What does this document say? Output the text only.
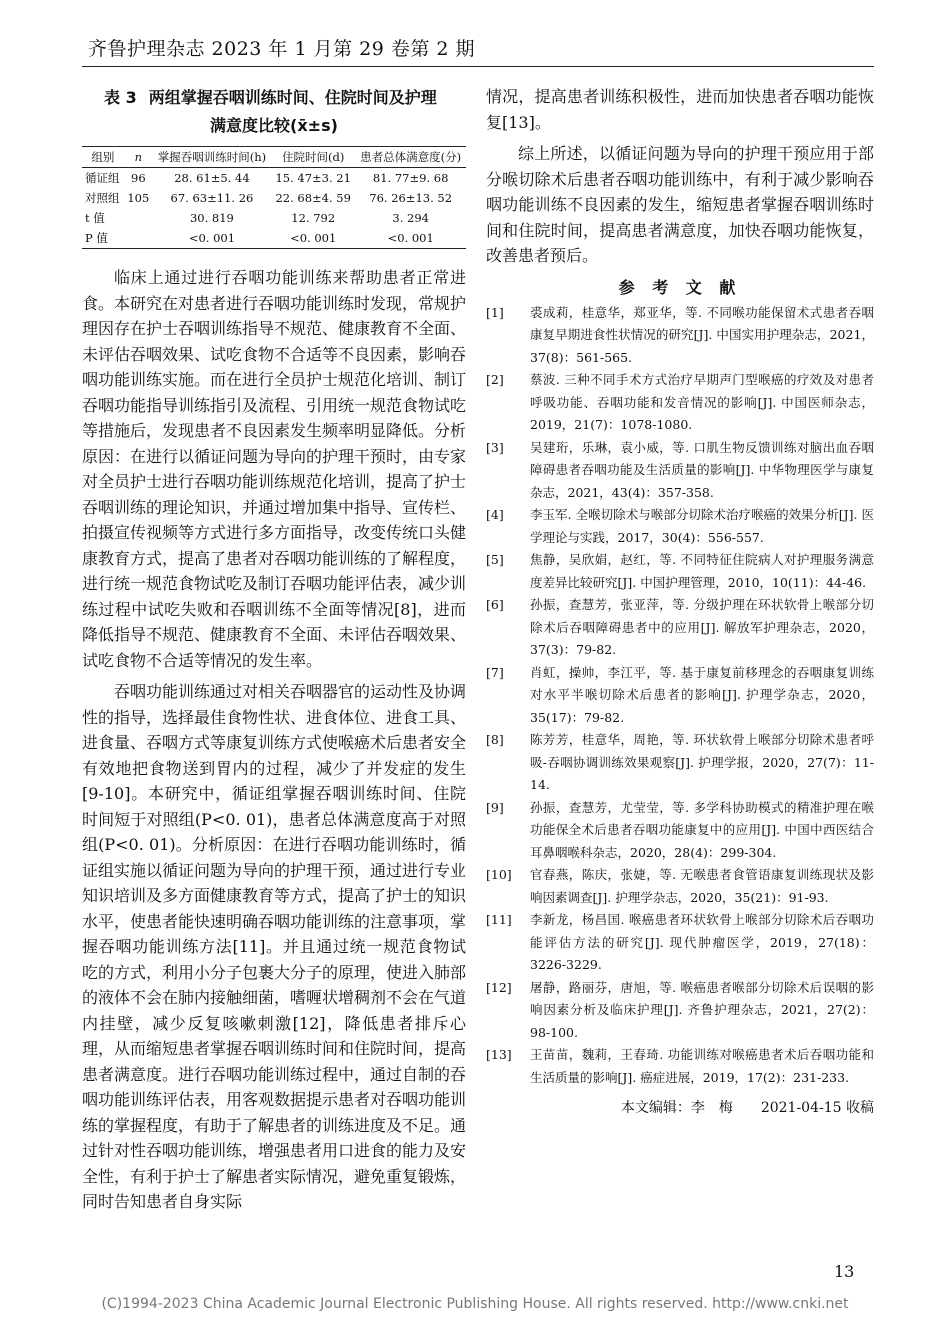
齐鲁护理杂志 2023 年 1 月第 29 卷第 2 期
表 3 两组掌握吞咽训练时间、住院时间及护理
满意度比较(x̄±s)
组别	n	掌握吞咽训练时间(h)	住院时间(d)	患者总体满意度(分)
循证组	96	28. 61±5. 44	15. 47±3. 21	81. 77±9. 68
对照组	105	67. 63±11. 26	22. 68±4. 59	76. 26±13. 52
t 值		30. 819	12. 792	3. 294
P 值		<0. 001	<0. 001	<0. 001

临床上通过进行吞咽功能训练来帮助患者正常进食。本研究在对患者进行吞咽功能训练时发现，常规护理因存在护士吞咽训练指导不规范、健康教育不全面、未评估吞咽效果、试吃食物不合适等不良因素，影响吞咽功能训练实施。而在进行全员护士规范化培训、制订吞咽功能指导训练指引及流程、引用统一规范食物试吃等措施后，发现患者不良因素发生频率明显降低。分析原因：在进行以循证问题为导向的护理干预时，由专家对全员护士进行吞咽功能训练规范化培训，提高了护士吞咽训练的理论知识，并通过增加集中指导、宣传栏、拍摄宣传视频等方式进行多方面指导，改变传统口头健康教育方式，提高了患者对吞咽功能训练的了解程度，进行统一规范食物试吃及制订吞咽功能评估表，减少训练过程中试吃失败和吞咽训练不全面等情况[8]，进而降低指导不规范、健康教育不全面、未评估吞咽效果、试吃食物不合适等情况的发生率。

吞咽功能训练通过对相关吞咽器官的运动性及协调性的指导，选择最佳食物性状、进食体位、进食工具、进食量、吞咽方式等康复训练方式使喉癌术后患者安全有效地把食物送到胃内的过程，减少了并发症的发生[9-10]。本研究中，循证组掌握吞咽训练时间、住院时间短于对照组(P<0. 01)，患者总体满意度高于对照组(P<0. 01)。分析原因：在进行吞咽功能训练时，循证组实施以循证问题为导向的护理干预，通过进行专业知识培训及多方面健康教育等方式，提高了护士的知识水平，使患者能快速明确吞咽功能训练的注意事项，掌握吞咽功能训练方法[11]。并且通过统一规范食物试吃的方式，利用小分子包裹大分子的原理，使进入肺部的液体不会在肺内接触细菌，嗜喱状增稠剂不会在气道内挂壁，减少反复咳嗽刺激[12]，降低患者排斥心理，从而缩短患者掌握吞咽训练时间和住院时间，提高患者满意度。进行吞咽功能训练过程中，通过自制的吞咽功能训练评估表，用客观数据提示患者对吞咽功能训练的掌握程度，有助于了解患者的训练进度及不足。通过针对性吞咽功能训练，增强患者用口进食的能力及安全性，有利于护士了解患者实际情况，避免重复锻炼，同时告知患者自身实际

情况，提高患者训练积极性，进而加快患者吞咽功能恢复[13]。

综上所述，以循证问题为导向的护理干预应用于部分喉切除术后患者吞咽功能训练中，有利于减少影响吞咽功能训练不良因素的发生，缩短患者掌握吞咽训练时间和住院时间，提高患者满意度，加快吞咽功能恢复，改善患者预后。

参 考 文 献
[1]	裘成莉，桂意华，郑亚华，等. 不同喉功能保留术式患者吞咽康复早期进食性状情况的研究[J]. 中国实用护理杂志，2021，37(8)：561-565.
[2]	蔡波. 三种不同手术方式治疗早期声门型喉癌的疗效及对患者呼吸功能、吞咽功能和发音情况的影响[J]. 中国医师杂志，2019，21(7)：1078-1080.
[3]	吴建珩，乐琳，袁小威，等. 口肌生物反馈训练对脑出血吞咽障碍患者吞咽功能及生活质量的影响[J]. 中华物理医学与康复杂志，2021，43(4)：357-358.
[4]	李玉军. 全喉切除术与喉部分切除术治疗喉癌的效果分析[J]. 医学理论与实践，2017，30(4)：556-557.
[5]	焦静，吴欣娟，赵红，等. 不同特征住院病人对护理服务满意度差异比较研究[J]. 中国护理管理，2010，10(11)：44-46.
[6]	孙振，查慧芳，张亚萍，等. 分级护理在环状软骨上喉部分切除术后吞咽障碍患者中的应用[J]. 解放军护理杂志，2020，37(3)：79-82.
[7]	肖虹，操帅，李江平，等. 基于康复前移理念的吞咽康复训练对水平半喉切除术后患者的影响[J]. 护理学杂志，2020，35(17)：79-82.
[8]	陈芳芳，桂意华，周艳，等. 环状软骨上喉部分切除术患者呼吸-吞咽协调训练效果观察[J]. 护理学报，2020，27(7)：11-14.
[9]	孙振，查慧芳，尤莹莹，等. 多学科协助模式的精准护理在喉功能保全术后患者吞咽功能康复中的应用[J]. 中国中西医结合耳鼻咽喉科杂志，2020，28(4)：299-304.
[10]	官春燕，陈庆，张婕，等. 无喉患者食管语康复训练现状及影响因素调查[J]. 护理学杂志，2020，35(21)：91-93.
[11]	李新龙，杨昌国. 喉癌患者环状软骨上喉部分切除术后吞咽功能评估方法的研究[J]. 现代肿瘤医学，2019，27(18)：3226-3229.
[12]	屠静，路丽芬，唐旭，等. 喉癌患者喉部分切除术后误咽的影响因素分析及临床护理[J]. 齐鲁护理杂志，2021，27(2)：98-100.
[13]	王苗苗，魏莉，王春琦. 功能训练对喉癌患者术后吞咽功能和生活质量的影响[J]. 癌症进展，2019，17(2)：231-233.
本文编辑：李　梅　　2021-04-15 收稿
13
(C)1994-2023 China Academic Journal Electronic Publishing House. All rights reserved. http://www.cnki.net
